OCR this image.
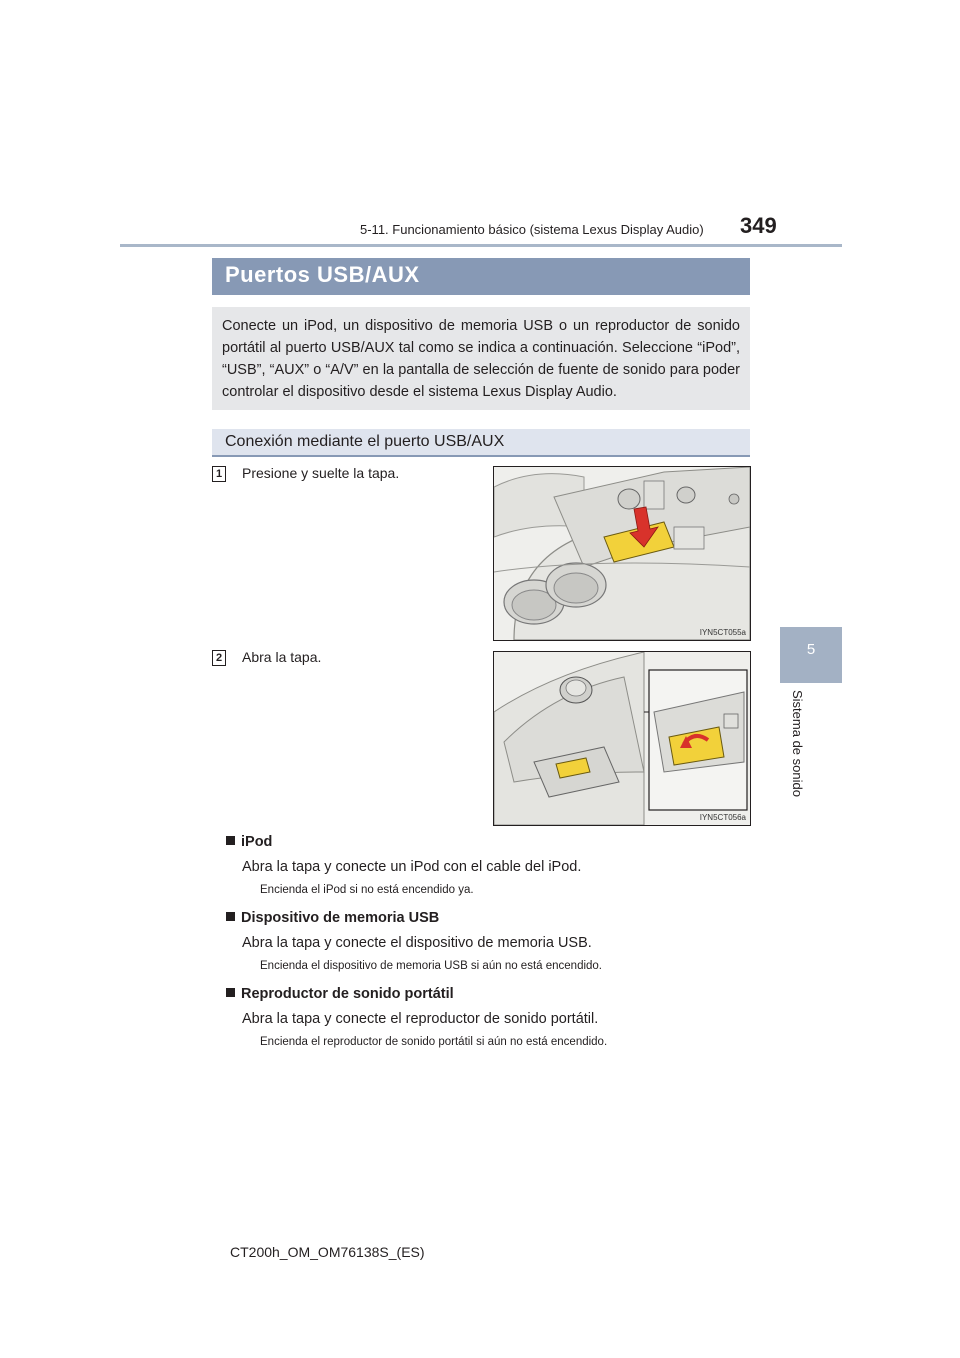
5-11. Funcionamiento básico (sistema Lexus Display Audio) 349
5
Sistema de sonido
Puertos USB/AUX
Conecte un iPod, un dispositivo de memoria USB o un reproductor de sonido portátil al puerto USB/AUX tal como se indica a continuación. Seleccione “iPod”, “USB”, “AUX” o “A/V” en la pantalla de selección de fuente de sonido para poder controlar el dispositivo desde el sistema Lexus Display Audio.
Conexión mediante el puerto USB/AUX
1 Presione y suelte la tapa.
IYN5CT055a
2 Abra la tapa.
IYN5CT056a
iPod
Abra la tapa y conecte un iPod con el cable del iPod.
Encienda el iPod si no está encendido ya.
Dispositivo de memoria USB
Abra la tapa y conecte el dispositivo de memoria USB.
Encienda el dispositivo de memoria USB si aún no está encendido.
Reproductor de sonido portátil
Abra la tapa y conecte el reproductor de sonido portátil.
Encienda el reproductor de sonido portátil si aún no está encendido.
CT200h_OM_OM76138S_(ES)
